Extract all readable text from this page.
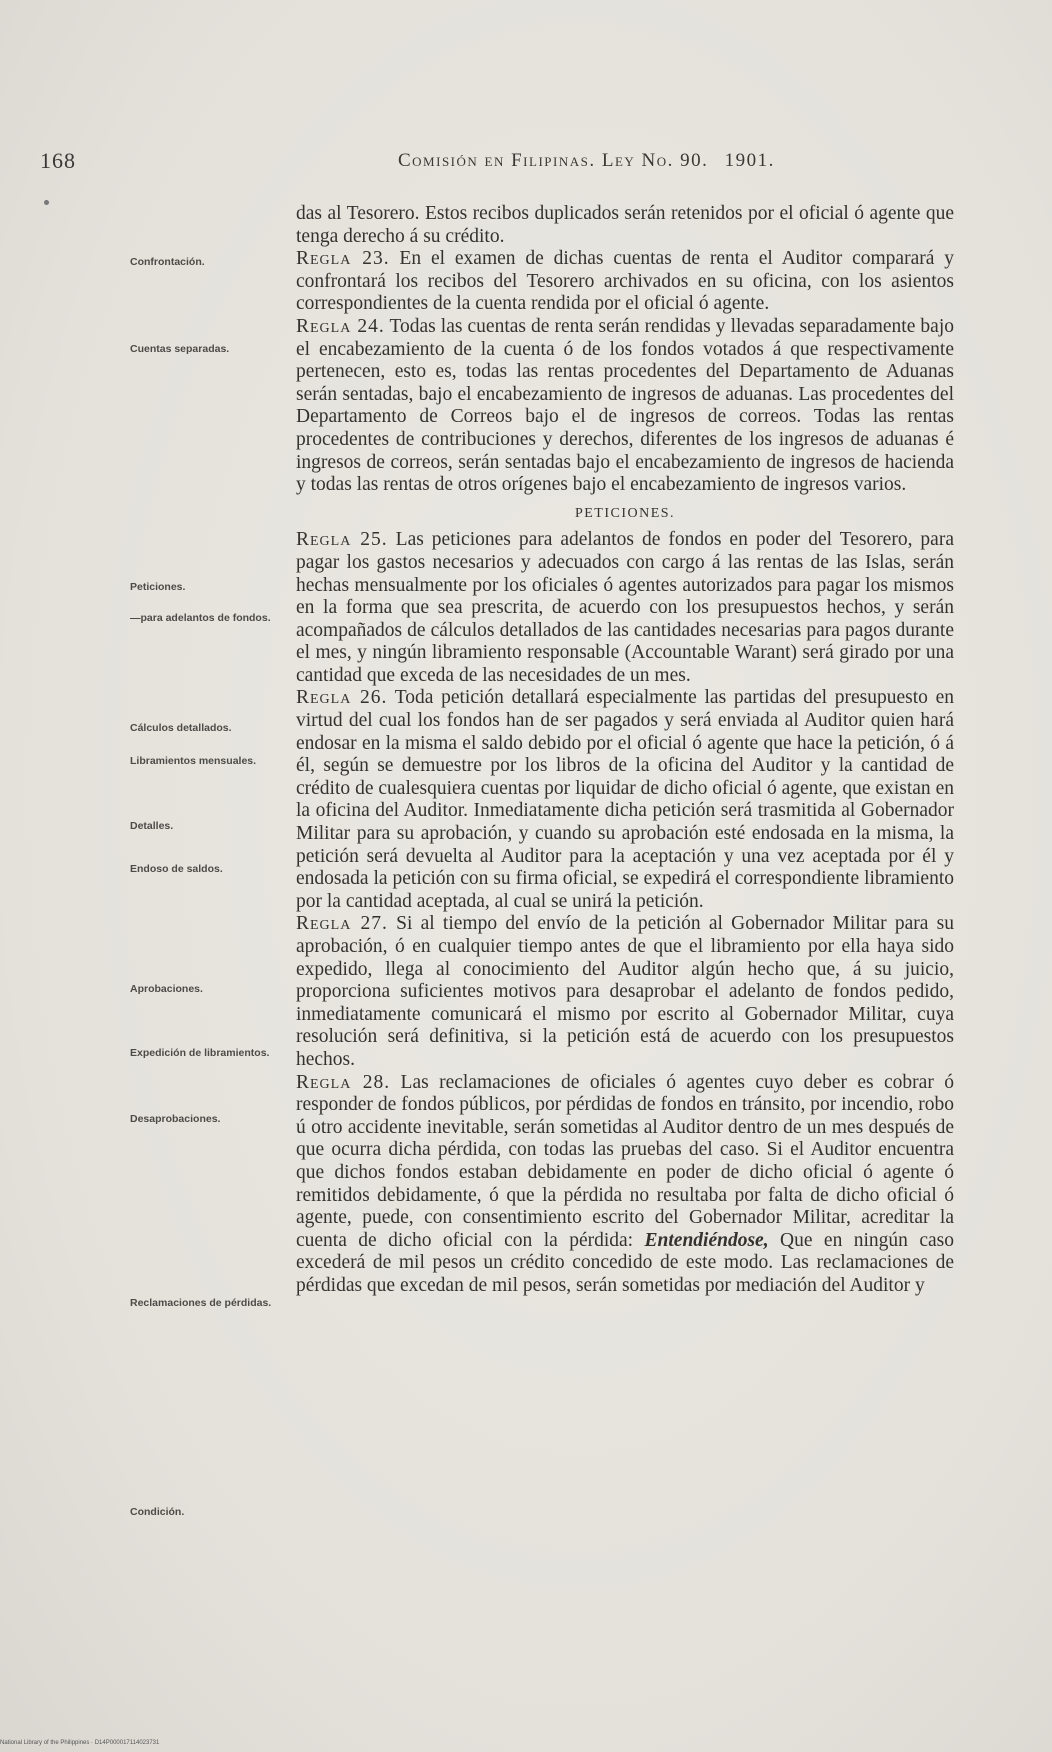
168	Comisión en Filipinas. Ley No. 90. 1901.
Confrontación.
Cuentas separadas.
Peticiones.
—para adelantos de fondos.
Cálculos detallados.
Libramientos mensuales.
Detalles.
Endoso de saldos.
Aprobaciones.
Expedición de libramientos.
Desaprobaciones.
Reclamaciones de pérdidas.
Condición.

das al Tesorero. Estos recibos duplicados serán retenidos por el oficial ó agente que tenga derecho á su crédito.

Regla 23. En el examen de dichas cuentas de renta el Auditor comparará y confrontará los recibos del Tesorero archivados en su oficina, con los asientos correspondientes de la cuenta rendida por el oficial ó agente.

Regla 24. Todas las cuentas de renta serán rendidas y llevadas separadamente bajo el encabezamiento de la cuenta ó de los fondos votados á que respectivamente pertenecen, esto es, todas las rentas procedentes del Departamento de Aduanas serán sentadas, bajo el encabezamiento de ingresos de aduanas. Las procedentes del Departamento de Correos bajo el de ingresos de correos. Todas las rentas procedentes de contribuciones y derechos, diferentes de los ingresos de aduanas é ingresos de correos, serán sentadas bajo el encabezamiento de ingresos de hacienda y todas las rentas de otros orígenes bajo el encabezamiento de ingresos varios.

PETICIONES.

Regla 25. Las peticiones para adelantos de fondos en poder del Tesorero, para pagar los gastos necesarios y adecuados con cargo á las rentas de las Islas, serán hechas mensualmente por los oficiales ó agentes autorizados para pagar los mismos en la forma que sea prescrita, de acuerdo con los presupuestos hechos, y serán acompañados de cálculos detallados de las cantidades necesarias para pagos durante el mes, y ningún libramiento responsable (Accountable Warant) será girado por una cantidad que exceda de las necesidades de un mes.

Regla 26. Toda petición detallará especialmente las partidas del presupuesto en virtud del cual los fondos han de ser pagados y será enviada al Auditor quien hará endosar en la misma el saldo debido por el oficial ó agente que hace la petición, ó á él, según se demuestre por los libros de la oficina del Auditor y la cantidad de crédito de cualesquiera cuentas por liquidar de dicho oficial ó agente, que existan en la oficina del Auditor. Inmediatamente dicha petición será trasmitida al Gobernador Militar para su aprobación, y cuando su aprobación esté endosada en la misma, la petición será devuelta al Auditor para la aceptación y una vez aceptada por él y endosada la petición con su firma oficial, se expedirá el correspondiente libramiento por la cantidad aceptada, al cual se unirá la petición.

Regla 27. Si al tiempo del envío de la petición al Gobernador Militar para su aprobación, ó en cualquier tiempo antes de que el libramiento por ella haya sido expedido, llega al conocimiento del Auditor algún hecho que, á su juicio, proporciona suficientes motivos para desaprobar el adelanto de fondos pedido, inmediatamente comunicará el mismo por escrito al Gobernador Militar, cuya resolución será definitiva, si la petición está de acuerdo con los presupuestos hechos.

Regla 28. Las reclamaciones de oficiales ó agentes cuyo deber es cobrar ó responder de fondos públicos, por pérdidas de fondos en tránsito, por incendio, robo ú otro accidente inevitable, serán sometidas al Auditor dentro de un mes después de que ocurra dicha pérdida, con todas las pruebas del caso. Si el Auditor encuentra que dichos fondos estaban debidamente en poder de dicho oficial ó agente ó remitidos debidamente, ó que la pérdida no resultaba por falta de dicho oficial ó agente, puede, con consentimiento escrito del Gobernador Militar, acreditar la cuenta de dicho oficial con la pérdida: Entendiéndose, Que en ningún caso excederá de mil pesos un crédito concedido de este modo. Las reclamaciones de pérdidas que excedan de mil pesos, serán sometidas por mediación del Auditor y

National Library of the Philippines · D14P000017114023731
